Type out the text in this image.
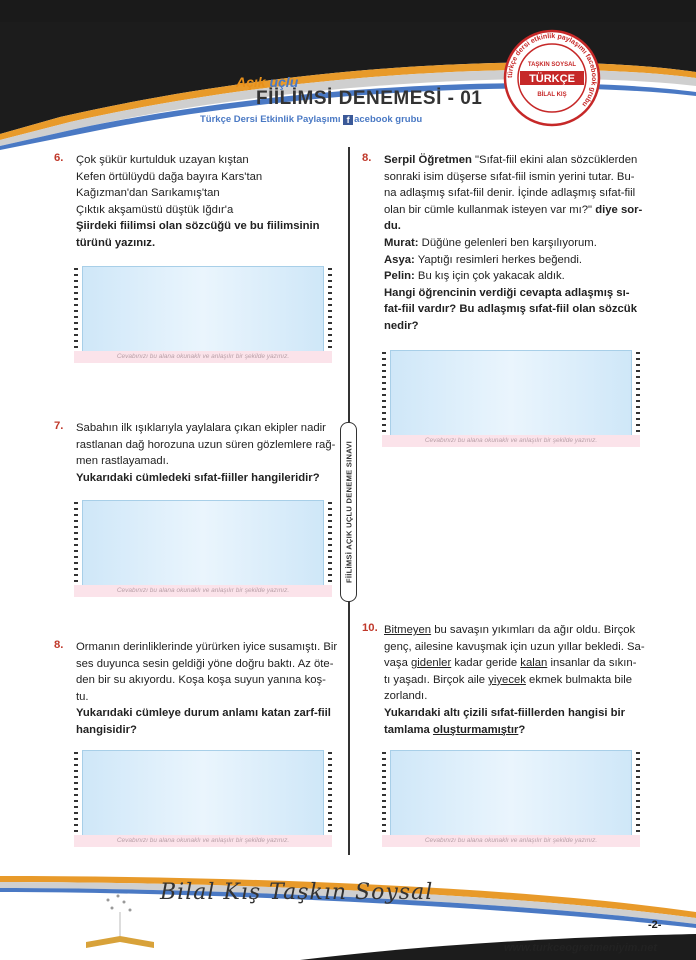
Açık uçlu
FİİLİMSİ DENEMESİ - 01
Türkçe Dersi Etkinlik Paylaşımı f acebook grubu
türkçe dersi etkinlik paylaşımı facebook grubu
TAŞKIN SOYSAL
TÜRKÇE
BİLAL KIŞ
6. Çok şükür kurtulduk uzayan kıştan
Kefen örtülüydü dağa bayıra Kars'tan
Kağızman'dan Sarıkamış'tan
Çıktık akşamüstü düştük Iğdır'a
Şiirdeki fiilimsi olan sözcüğü ve bu fiilimsinin
türünü yazınız.
Cevabınızı bu alana okunaklı ve anlaşılır bir şekilde yazınız.
7. Sabahın ilk ışıklarıyla yaylalara çıkan ekipler nadir
rastlanan dağ horozuna uzun süren gözlemlere rağ-
men rastlayamadı.
Yukarıdaki cümledeki sıfat-fiiller hangileridir?
Cevabınızı bu alana okunaklı ve anlaşılır bir şekilde yazınız.
8. Ormanın derinliklerinde yürürken iyice susamıştı. Bir
ses duyunca sesin geldiği yöne doğru baktı. Az öte-
den bir su akıyordu. Koşa koşa suyun yanına koş-
tu.
Yukarıdaki cümleye durum anlamı katan zarf-fiil
hangisidir?
Cevabınızı bu alana okunaklı ve anlaşılır bir şekilde yazınız.
FİİLİMSİ AÇIK UÇLU DENEME SINAVI
8. Serpil Öğretmen "Sıfat-fiil ekini alan sözcüklerden
sonraki isim düşerse sıfat-fiil ismin yerini tutar. Bu-
na adlaşmış sıfat-fiil denir. İçinde adlaşmış sıfat-fiil
olan bir cümle kullanmak isteyen var mı?" diye sor-
du.
Murat: Düğüne gelenleri ben karşılıyorum.
Asya: Yaptığı resimleri herkes beğendi.
Pelin: Bu kış için çok yakacak aldık.
Hangi öğrencinin verdiği cevapta adlaşmış sı-
fat-fiil vardır? Bu adlaşmış sıfat-fiil olan sözcük
nedir?
Cevabınızı bu alana okunaklı ve anlaşılır bir şekilde yazınız.
10. Bitmeyen bu savaşın yıkımları da ağır oldu. Birçok
genç, ailesine kavuşmak için uzun yıllar bekledi. Sa-
vaşa gidenler kadar geride kalan insanlar da sıkın-
tı yaşadı. Birçok aile yiyecek ekmek bulmakta bile
zorlandı.
Yukarıdaki altı çizili sıfat-fiillerden hangisi bir
tamlama oluşturmamıştır?
Cevabınızı bu alana okunaklı ve anlaşılır bir şekilde yazınız.
Bilal Kış Taşkın Soysal
-2-
www.turkceogretmeniyim.net
